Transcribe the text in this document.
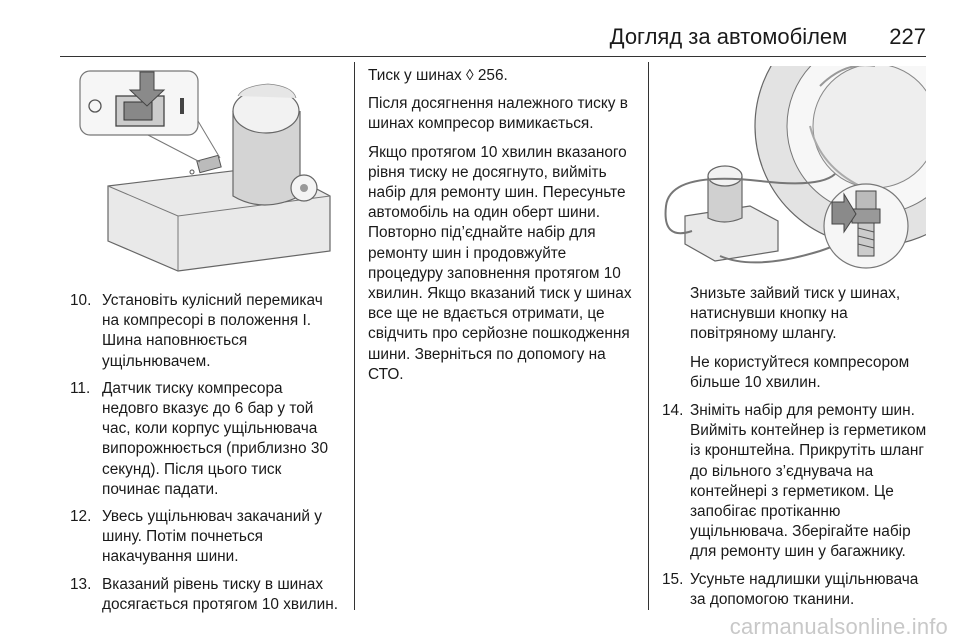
Догляд за автомобілем 227
10. Установіть кулісний перемикач на компресорі в положення I. Шина наповнюється ущільнювачем.
11. Датчик тиску компресора недовго вказує до 6 бар у той час, коли корпус ущільнювача випорожнюється (приблизно 30 секунд). Після цього тиск починає падати.
12. Увесь ущільнювач закачаний у шину. Потім почнеться накачування шини.
13. Вказаний рівень тиску в шинах досягається протягом 10 хвилин.

Тиск у шинах ◊ 256.

Після досягнення належного тиску в шинах компресор вимикається.

Якщо протягом 10 хвилин вказаного рівня тиску не досягнуто, вийміть набір для ремонту шин. Пересуньте автомобіль на один оберт шини. Повторно під’єднайте набір для ремонту шин і продовжуйте процедуру заповнення протягом 10 хвилин. Якщо вказаний тиск у шинах все ще не вдається отримати, це свідчить про серйозне пошкодження шини. Зверніться по допомогу на СТО.

Знизьте зайвий тиск у шинах, натиснувши кнопку на повітряному шлангу.

Не користуйтеся компресором більше 10 хвилин.

14. Зніміть набір для ремонту шин. Вийміть контейнер із герметиком із кронштейна. Прикрутіть шланг до вільного з’єднувача на контейнері з герметиком. Це запобігає протіканню ущільнювача. Зберігайте набір для ремонту шин у багажнику.
15. Усуньте надлишки ущільнювача за допомогою тканини.
carmanualsonline.info
